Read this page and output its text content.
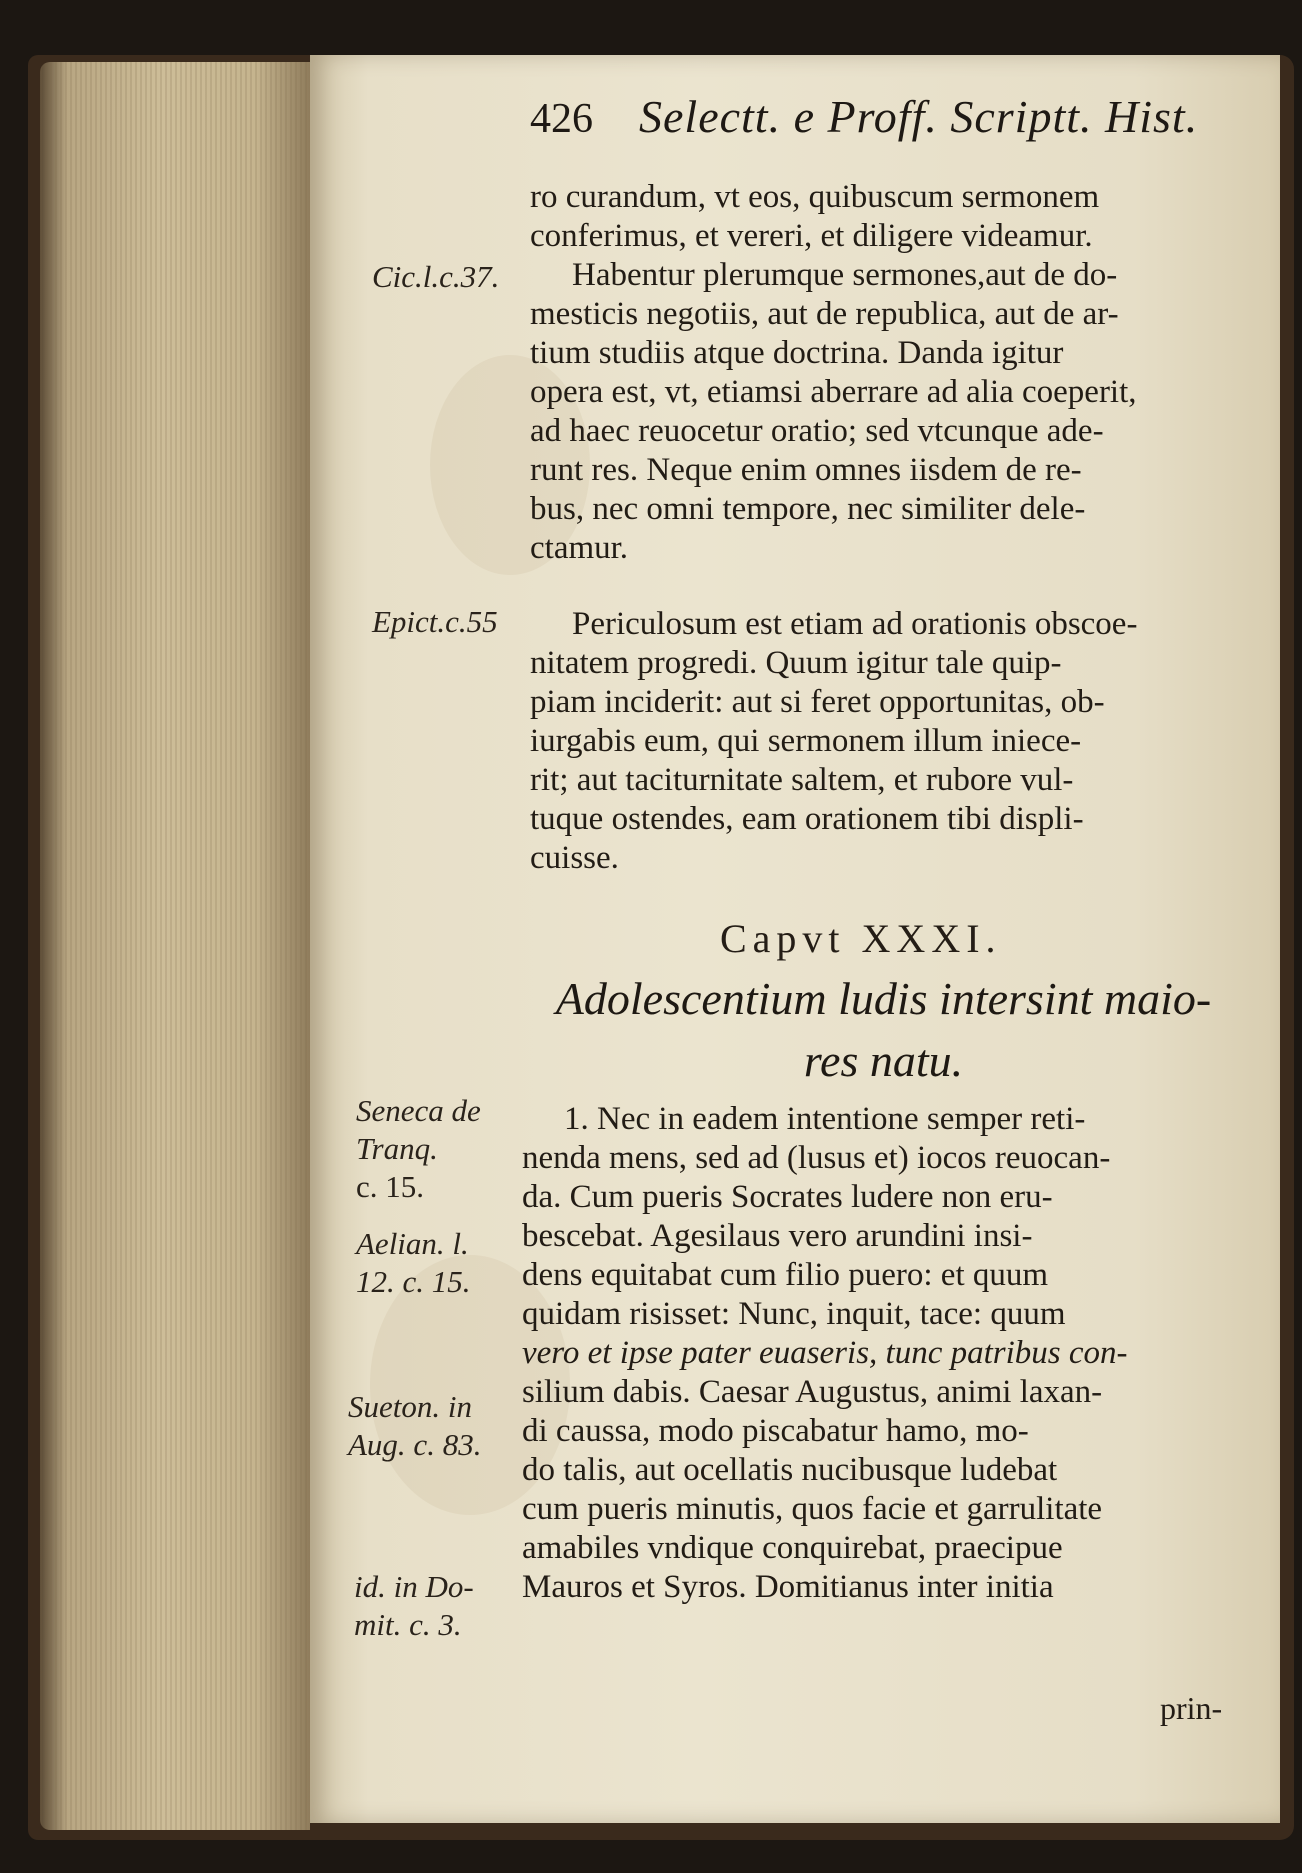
426 Selectt. e Proff. Scriptt. Hist.
ro curandum, vt eos, quibuscum sermonem
conferimus, et vereri, et diligere videamur.
Habentur plerumque sermones,aut de do-
mesticis negotiis, aut de republica, aut de ar-
tium studiis atque doctrina. Danda igitur
opera est, vt, etiamsi aberrare ad alia coeperit,
ad haec reuocetur oratio; sed vtcunque ade-
runt res. Neque enim omnes iisdem de re-
bus, nec omni tempore, nec similiter dele-
ctamur.
Periculosum est etiam ad orationis obscoe-
nitatem progredi. Quum igitur tale quip-
piam inciderit: aut si feret opportunitas, ob-
iurgabis eum, qui sermonem illum iniece-
rit; aut taciturnitate saltem, et rubore vul-
tuque ostendes, eam orationem tibi displi-
cuisse.
Capvt XXXI.
Adolescentium ludis intersint maio-
res natu.
1. Nec in eadem intentione semper reti-
nenda mens, sed ad (lusus et) iocos reuocan-
da. Cum pueris Socrates ludere non eru-
bescebat. Agesilaus vero arundini insi-
dens equitabat cum filio puero: et quum
quidam risisset: Nunc, inquit, tace: quum
vero et ipse pater euaseris, tunc patribus con-
silium dabis. Caesar Augustus, animi laxan-
di caussa, modo piscabatur hamo, mo-
do talis, aut ocellatis nucibusque ludebat
cum pueris minutis, quos facie et garrulitate
amabiles vndique conquirebat, praecipue
Mauros et Syros. Domitianus inter initia
prin-
Cic.l.c.37.
Epict.c.55
Seneca de
Tranq.
c. 15.
Aelian. l.
12. c. 15.
Sueton. in
Aug. c. 83.
id. in Do-
mit. c. 3.
